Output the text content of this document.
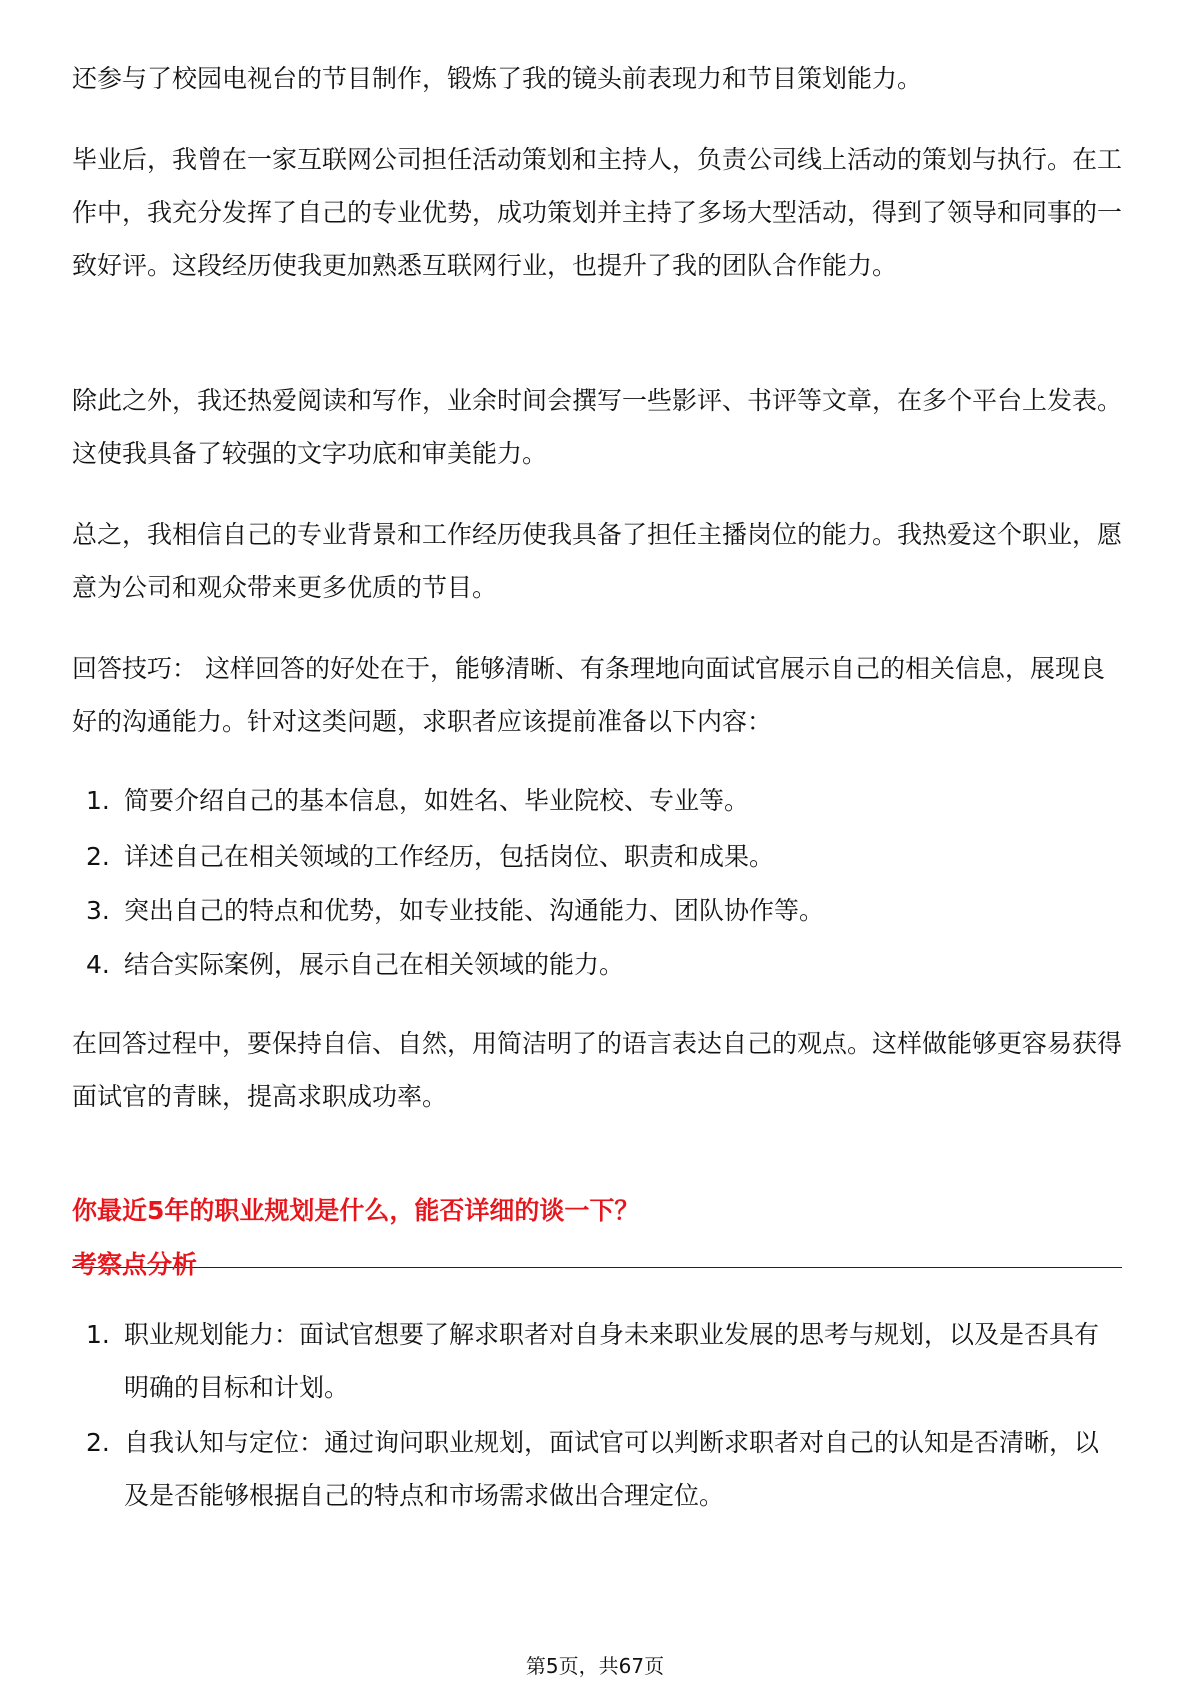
还参与了校园电视台的节目制作，锻炼了我的镜头前表现力和节目策划能力。

毕业后，我曾在一家互联网公司担任活动策划和主持人，负责公司线上活动的策划与执行。在工作中，我充分发挥了自己的专业优势，成功策划并主持了多场大型活动，得到了领导和同事的一致好评。这段经历使我更加熟悉互联网行业，也提升了我的团队合作能力。

除此之外，我还热爱阅读和写作，业余时间会撰写一些影评、书评等文章，在多个平台上发表。这使我具备了较强的文字功底和审美能力。

总之，我相信自己的专业背景和工作经历使我具备了担任主播岗位的能力。我热爱这个职业，愿意为公司和观众带来更多优质的节目。

回答技巧： 这样回答的好处在于，能够清晰、有条理地向面试官展示自己的相关信息，展现良好的沟通能力。针对这类问题，求职者应该提前准备以下内容：

1. 简要介绍自己的基本信息，如姓名、毕业院校、专业等。
2. 详述自己在相关领域的工作经历，包括岗位、职责和成果。
3. 突出自己的特点和优势，如专业技能、沟通能力、团队协作等。
4. 结合实际案例，展示自己在相关领域的能力。

在回答过程中，要保持自信、自然，用简洁明了的语言表达自己的观点。这样做能够更容易获得面试官的青睐，提高求职成功率。

你最近5年的职业规划是什么，能否详细的谈一下？
考察点分析
1. 职业规划能力：面试官想要了解求职者对自身未来职业发展的思考与规划，以及是否具有明确的目标和计划。
2. 自我认知与定位：通过询问职业规划，面试官可以判断求职者对自己的认知是否清晰，以及是否能够根据自己的特点和市场需求做出合理定位。
第5页，共67页
